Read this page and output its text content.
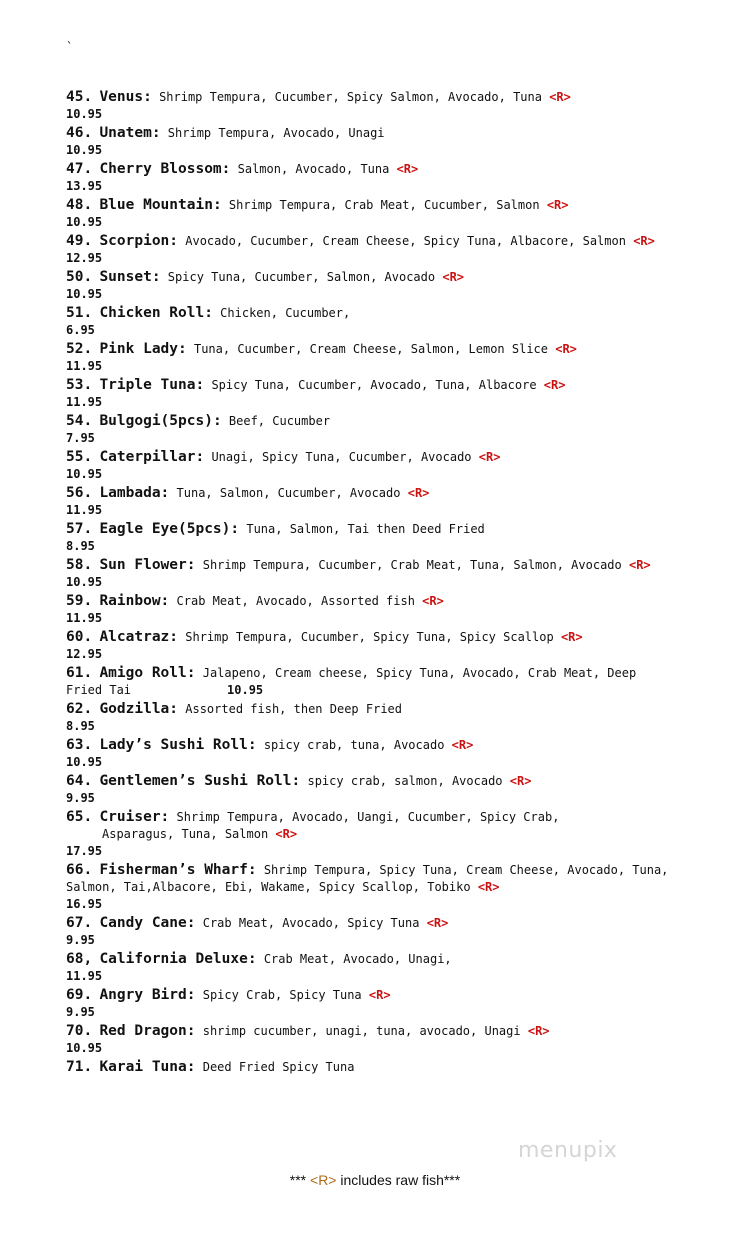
`
45. Venus: Shrimp Tempura, Cucumber, Spicy Salmon, Avocado, Tuna <R>
10.95
46. Unatem: Shrimp Tempura, Avocado, Unagi
10.95
47. Cherry Blossom: Salmon, Avocado, Tuna <R>
13.95
48. Blue Mountain: Shrimp Tempura, Crab Meat, Cucumber, Salmon <R>
10.95
49. Scorpion: Avocado, Cucumber, Cream Cheese, Spicy Tuna, Albacore, Salmon <R>
12.95
50. Sunset: Spicy Tuna, Cucumber, Salmon, Avocado <R>
10.95
51. Chicken Roll: Chicken, Cucumber,
6.95
52. Pink Lady: Tuna, Cucumber, Cream Cheese, Salmon, Lemon Slice <R>
11.95
53. Triple Tuna: Spicy Tuna, Cucumber, Avocado, Tuna, Albacore <R>
11.95
54. Bulgogi(5pcs): Beef, Cucumber
7.95
55. Caterpillar: Unagi, Spicy Tuna, Cucumber, Avocado <R>
10.95
56. Lambada: Tuna, Salmon, Cucumber, Avocado <R>
11.95
57. Eagle Eye(5pcs): Tuna, Salmon, Tai then Deed Fried
8.95
58. Sun Flower: Shrimp Tempura, Cucumber, Crab Meat, Tuna, Salmon, Avocado <R>
10.95
59. Rainbow: Crab Meat, Avocado, Assorted fish <R>
11.95
60. Alcatraz: Shrimp Tempura, Cucumber, Spicy Tuna, Spicy Scallop <R>
12.95
61. Amigo Roll: Jalapeno, Cream cheese, Spicy Tuna, Avocado, Crab Meat, Deep
Fried Tai	10.95
62. Godzilla: Assorted fish, then Deep Fried
8.95
63. Lady’s Sushi Roll: spicy crab, tuna, Avocado <R>
10.95
64. Gentlemen’s Sushi Roll: spicy crab, salmon, Avocado <R>
9.95
65. Cruiser: Shrimp Tempura, Avocado, Uangi, Cucumber, Spicy Crab,
Asparagus, Tuna, Salmon <R>
17.95
66. Fisherman’s Wharf: Shrimp Tempura, Spicy Tuna, Cream Cheese, Avocado, Tuna,
Salmon, Tai,Albacore, Ebi, Wakame, Spicy Scallop, Tobiko <R>
16.95
67. Candy Cane: Crab Meat, Avocado, Spicy Tuna <R>
9.95
68, California Deluxe: Crab Meat, Avocado, Unagi,
11.95
69. Angry Bird: Spicy Crab, Spicy Tuna <R>
9.95
70. Red Dragon: shrimp cucumber, unagi, tuna, avocado, Unagi <R>
10.95
71. Karai Tuna: Deed Fried Spicy Tuna
menupix
*** <R> includes raw fish***
